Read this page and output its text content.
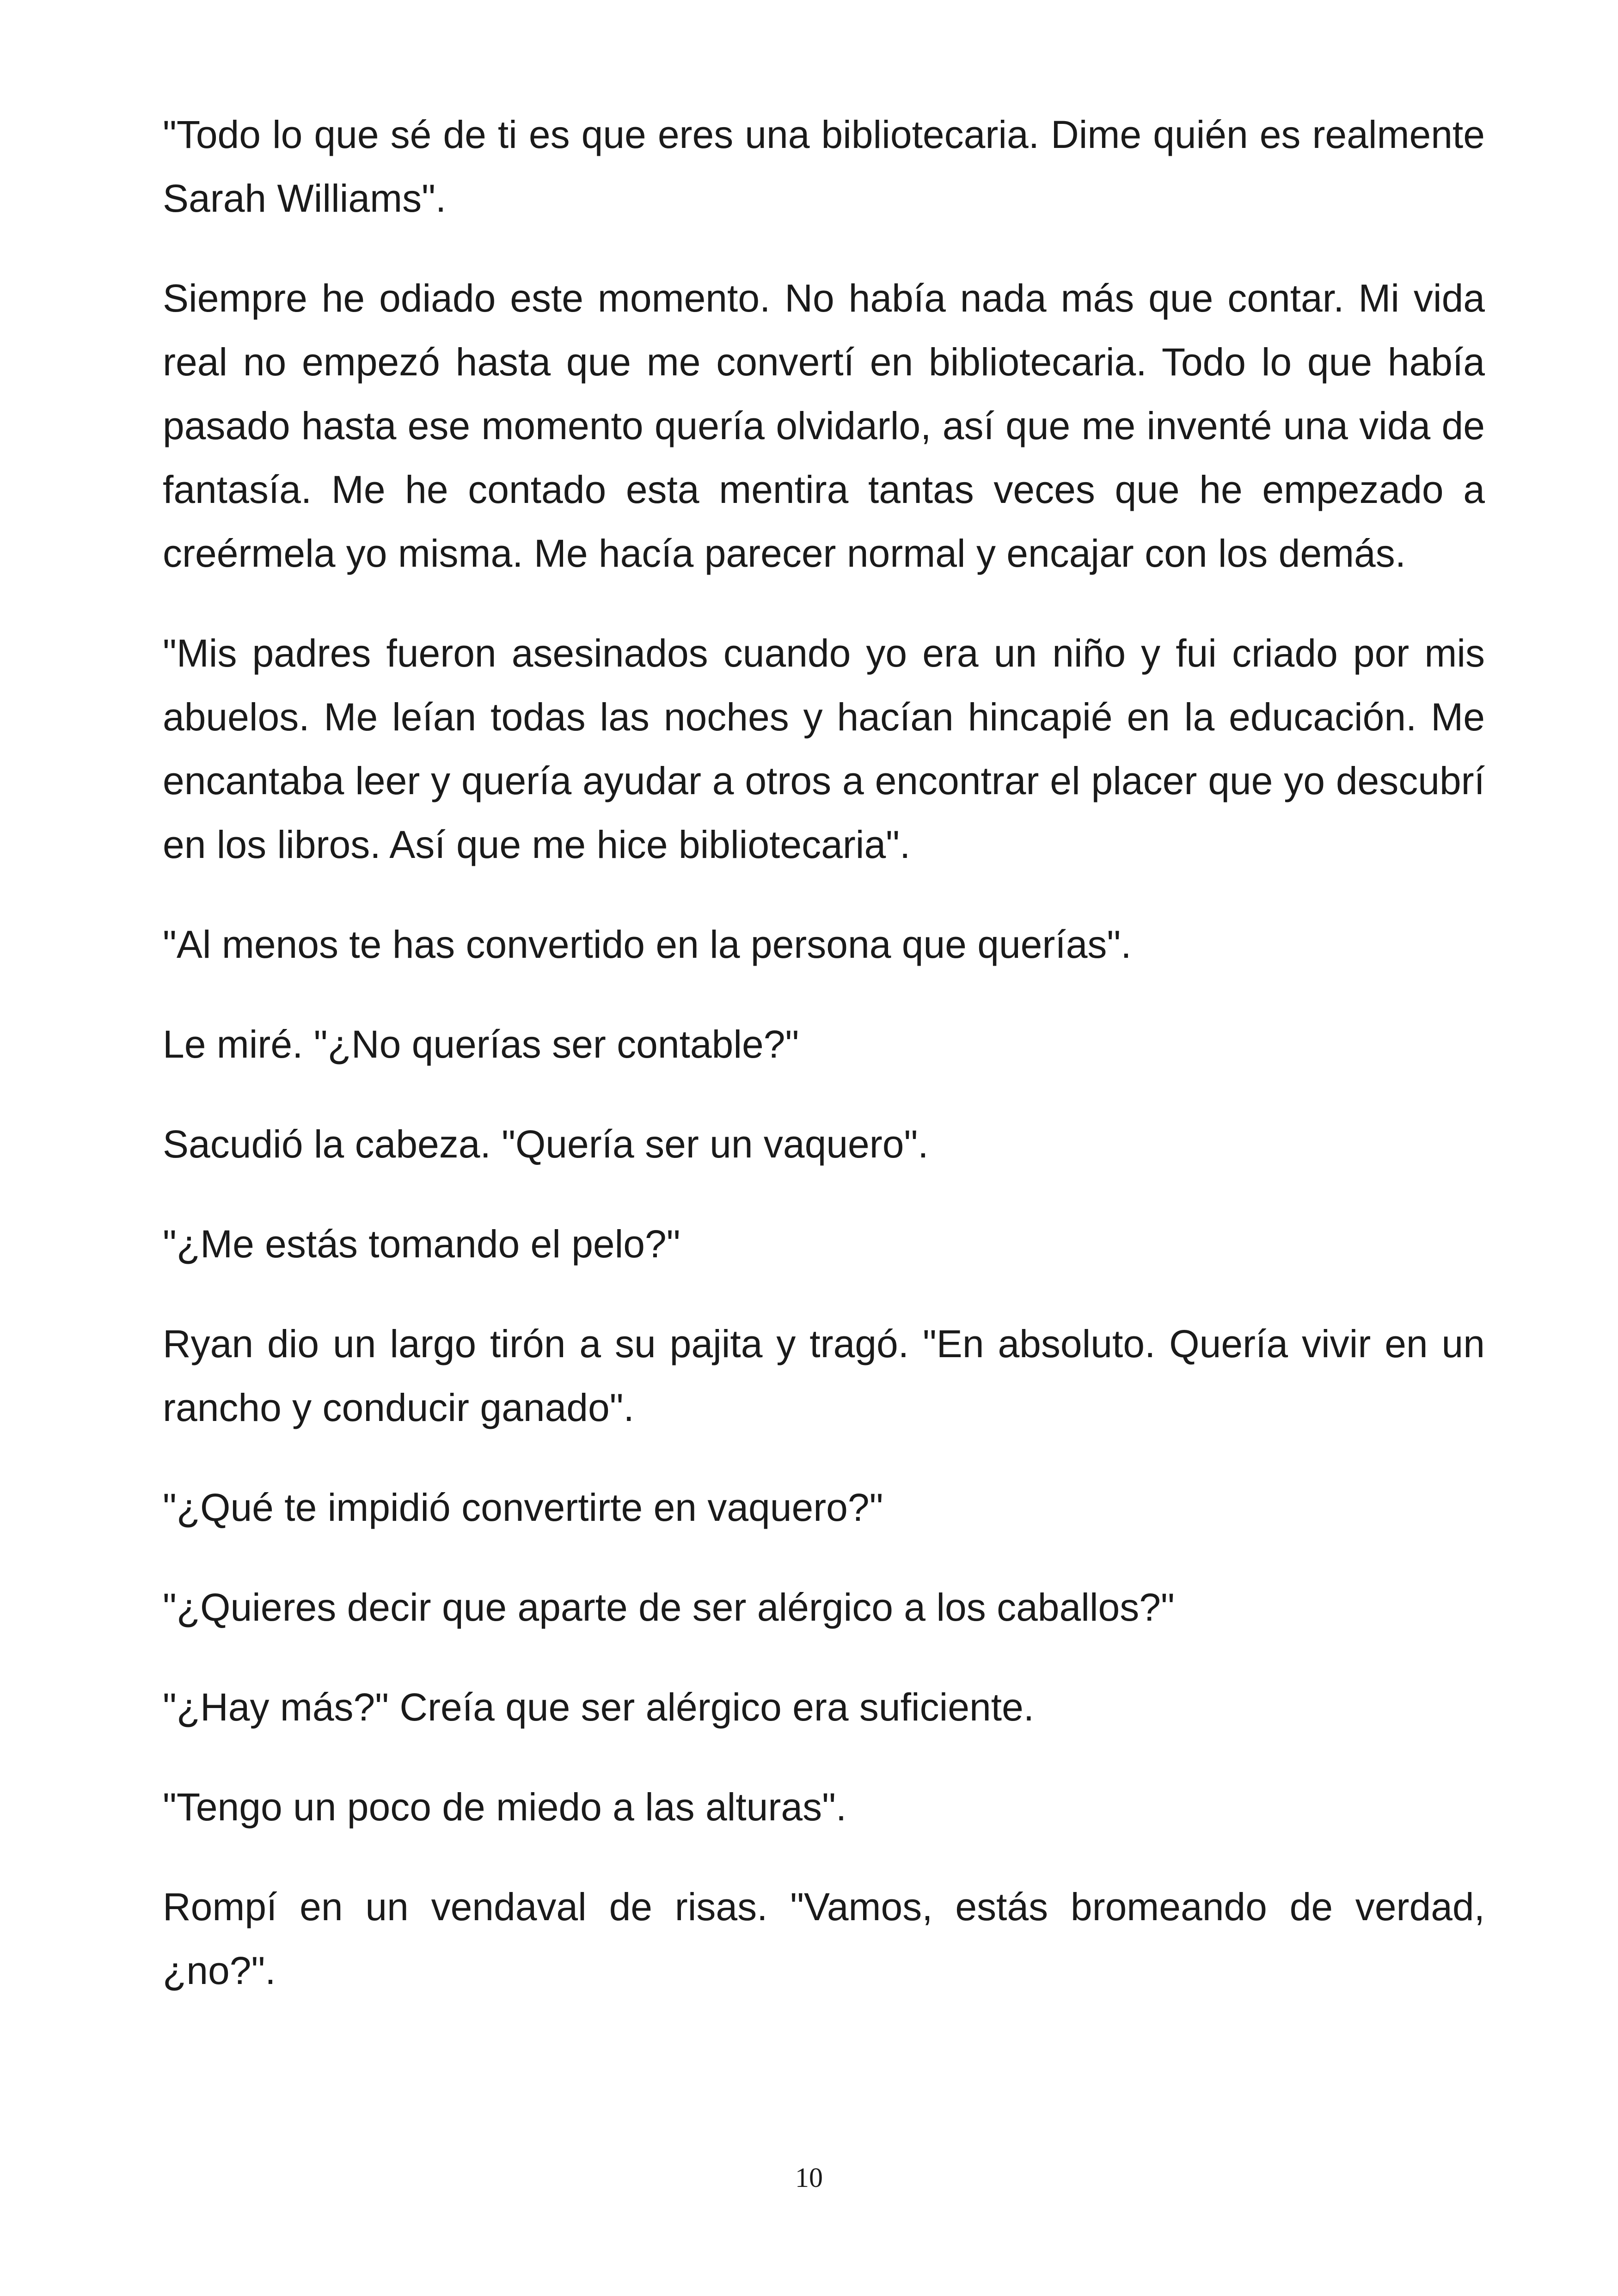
"Todo lo que sé de ti es que eres una bibliotecaria. Dime quién es realmente Sarah Williams".

Siempre he odiado este momento. No había nada más que contar. Mi vida real no empezó hasta que me convertí en bibliotecaria. Todo lo que había pasado hasta ese momento quería olvidarlo, así que me inventé una vida de fantasía. Me he contado esta mentira tantas veces que he empezado a creérmela yo misma. Me hacía parecer normal y encajar con los demás.

"Mis padres fueron asesinados cuando yo era un niño y fui criado por mis abuelos. Me leían todas las noches y hacían hincapié en la educación. Me encantaba leer y quería ayudar a otros a encontrar el placer que yo descubrí en los libros. Así que me hice bibliotecaria".

"Al menos te has convertido en la persona que querías".

Le miré. "¿No querías ser contable?"

Sacudió la cabeza. "Quería ser un vaquero".

"¿Me estás tomando el pelo?"

Ryan dio un largo tirón a su pajita y tragó. "En absoluto. Quería vivir en un rancho y conducir ganado".

"¿Qué te impidió convertirte en vaquero?"

"¿Quieres decir que aparte de ser alérgico a los caballos?"

"¿Hay más?" Creía que ser alérgico era suficiente.

"Tengo un poco de miedo a las alturas".

Rompí en un vendaval de risas. "Vamos, estás bromeando de verdad, ¿no?".

10
